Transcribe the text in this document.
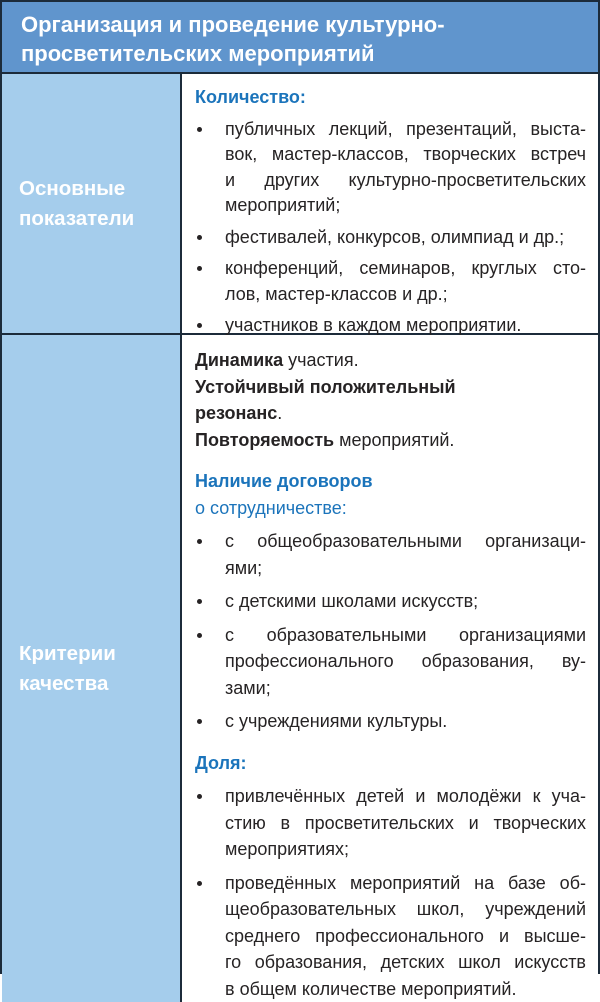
Организация и проведение культурно-просветительских мероприятий
Основные показатели
Количество:
публичных лекций, презентаций, выста-
вок, мастер-классов, творческих встреч
и других культурно-просветительских
мероприятий;
фестивалей, конкурсов, олимпиад и др.;
конференций, семинаров, круглых сто-
лов, мастер-классов и др.;
участников в каждом мероприятии.
Критерии качества
Динамика участия.
Устойчивый положительный
резонанс.
Повторяемость мероприятий.
Наличие договоров
о сотрудничестве:
с общеобразовательными организаци-
ями;
с детскими школами искусств;
с образовательными организациями
профессионального образования, ву-
зами;
с учреждениями культуры.
Доля:
привлечённых детей и молодёжи к уча-
стию в просветительских и творческих
мероприятиях;
проведённых мероприятий на базе об-
щеобразовательных школ, учреждений
среднего профессионального и высше-
го образования, детских школ искусств
в общем количестве мероприятий.
